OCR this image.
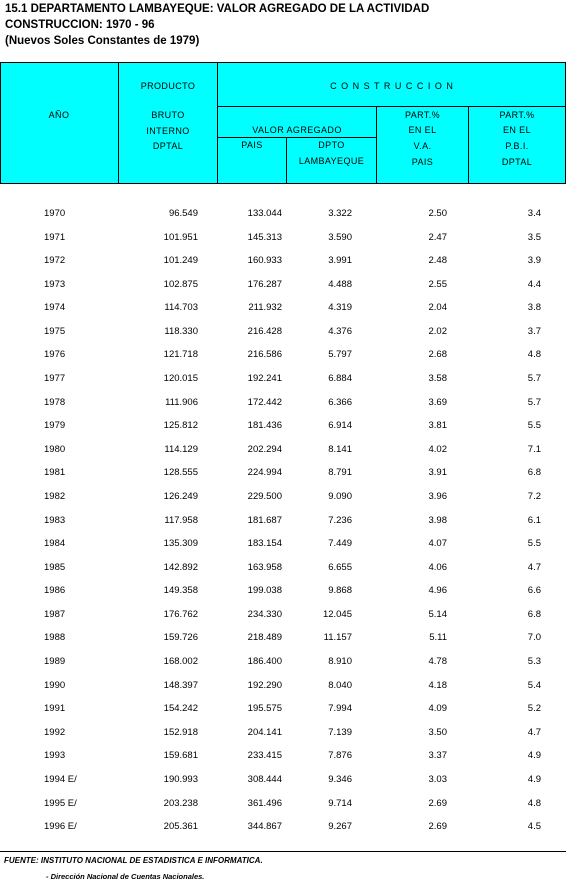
15.1 DEPARTAMENTO LAMBAYEQUE: VALOR AGREGADO DE LA ACTIVIDAD
CONSTRUCCION: 1970 - 96
(Nuevos Soles Constantes de 1979)
AÑO
PRODUCTO
BRUTO
INTERNO
DPTAL
C O N S T R U C C I O N
VALOR AGREGADO
PAIS	DPTO
LAMBAYEQUE
PART.%
EN EL
V.A.
PAIS
PART.%
EN EL
P.B.I.
DPTAL
1970	96.549	133.044	3.322	2.50	3.4
1971	101.951	145.313	3.590	2.47	3.5
1972	101.249	160.933	3.991	2.48	3.9
1973	102.875	176.287	4.488	2.55	4.4
1974	114.703	211.932	4.319	2.04	3.8
1975	118.330	216.428	4.376	2.02	3.7
1976	121.718	216.586	5.797	2.68	4.8
1977	120.015	192.241	6.884	3.58	5.7
1978	111.906	172.442	6.366	3.69	5.7
1979	125.812	181.436	6.914	3.81	5.5
1980	114.129	202.294	8.141	4.02	7.1
1981	128.555	224.994	8.791	3.91	6.8
1982	126.249	229.500	9.090	3.96	7.2
1983	117.958	181.687	7.236	3.98	6.1
1984	135.309	183.154	7.449	4.07	5.5
1985	142.892	163.958	6.655	4.06	4.7
1986	149.358	199.038	9.868	4.96	6.6
1987	176.762	234.330	12.045	5.14	6.8
1988	159.726	218.489	11.157	5.11	7.0
1989	168.002	186.400	8.910	4.78	5.3
1990	148.397	192.290	8.040	4.18	5.4
1991	154.242	195.575	7.994	4.09	5.2
1992	152.918	204.141	7.139	3.50	4.7
1993	159.681	233.415	7.876	3.37	4.9
1994 E/	190.993	308.444	9.346	3.03	4.9
1995 E/	203.238	361.496	9.714	2.69	4.8
1996 E/	205.361	344.867	9.267	2.69	4.5
FUENTE: INSTITUTO NACIONAL DE ESTADISTICA E INFORMATICA.
- Dirección Nacional de Cuentas Nacionales.
